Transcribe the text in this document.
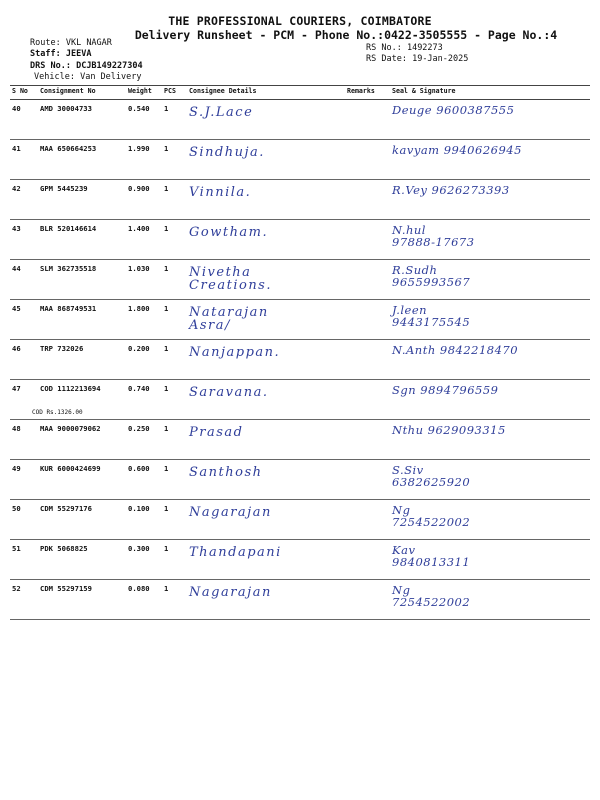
THE PROFESSIONAL COURIERS, COIMBATORE
Delivery Runsheet - PCM - Phone No.:0422-3505555 - Page No.:4
Route: VKL NAGAR
Staff: JEEVA
DRS No.: DCJB149227304
Vehicle: Van Delivery
RS No.: 1492273
RS Date: 19-Jan-2025
S No	Consignment No	Weight	PCS	Consignee Details	Remarks	Seal & Signature
40	AMD 30004733	0.540	1	S.J.Lace		Deuge 9600387555
41	MAA 650664253	1.990	1	Sindhuja.		kavyam 9940626945
42	GPM 5445239	0.900	1	Vinnila.		R.Vey 9626273393
43	BLR 520146614	1.400	1	Gowtham.		N.hul
97888-17673
44	SLM 362735518	1.030	1	Nivetha
Creations.		R.Sudh
9655993567
45	MAA 868749531	1.800	1	Natarajan
Asra/		J.leen
9443175545
46	TRP 732026	0.200	1	Nanjappan.		N.Anth 9842218470
47	COD 1112213694
COD Rs.1326.00	0.740	1	Saravana.		Sgn 9894796559
48	MAA 9000079062	0.250	1	Prasad		Nthu 9629093315
49	KUR 6000424699	0.600	1	Santhosh		S.Siv
6382625920
50	CDM 55297176	0.100	1	Nagarajan		Ng
7254522002
51	PDK 5068825	0.300	1	Thandapani		Kav
9840813311
52	CDM 55297159	0.080	1	Nagarajan		Ng
7254522002
